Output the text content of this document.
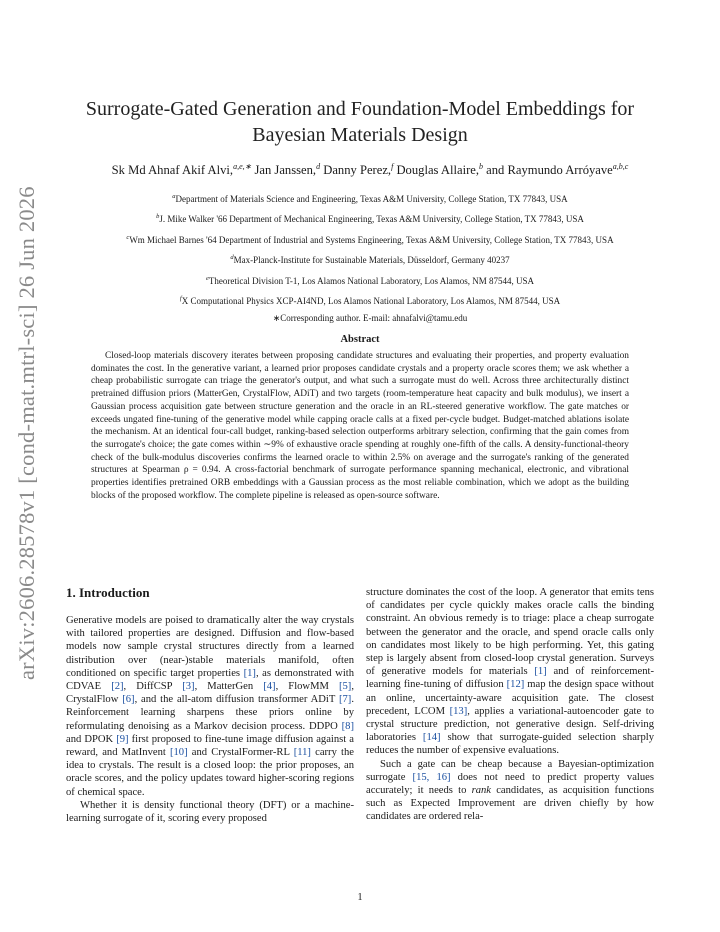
arXiv:2606.28578v1 [cond-mat.mtrl-sci] 26 Jun 2026
Surrogate-Gated Generation and Foundation-Model Embeddings for
Bayesian Materials Design
Sk Md Ahnaf Akif Alvi,$^{a,e,∗}$ Jan Janssen,$^d$ Danny Perez,$^f$ Douglas Allaire,$^b$ and Raymundo Arróyave$^{a,b,c}$
$^a$Department of Materials Science and Engineering, Texas A&M University, College Station, TX 77843, USA
$^b$J. Mike Walker '66 Department of Mechanical Engineering, Texas A&M University, College Station, TX 77843, USA
$^c$Wm Michael Barnes '64 Department of Industrial and Systems Engineering, Texas A&M University, College Station, TX 77843, USA
$^d$Max-Planck-Institute for Sustainable Materials, Düsseldorf, Germany 40237
$^e$Theoretical Division T-1, Los Alamos National Laboratory, Los Alamos, NM 87544, USA
$^f$X Computational Physics XCP-AI4ND, Los Alamos National Laboratory, Los Alamos, NM 87544, USA
∗Corresponding author. E-mail: ahnafalvi@tamu.edu
Abstract
Closed-loop materials discovery iterates between proposing candidate structures and evaluating their properties, and property evaluation dominates the cost. In the generative variant, a learned prior proposes candidate crystals and a property oracle scores them; we ask whether a cheap probabilistic surrogate can triage the generator's output, and what such a surrogate must do well. Across three architecturally distinct pretrained diffusion priors (MatterGen, CrystalFlow, ADiT) and two targets (room-temperature heat capacity and bulk modulus), we insert a Gaussian process acquisition gate between structure generation and the oracle in an RL-steered generative workflow. The gate matches or exceeds ungated fine-tuning of the generative model while capping oracle calls at a fixed per-cycle budget. Budget-matched ablations isolate the mechanism. At an identical four-call budget, ranking-based selection outperforms arbitrary selection, confirming that the gain comes from the surrogate's choice; the gate comes within ∼9% of exhaustive oracle spending at roughly one-fifth of the calls. A density-functional-theory check of the bulk-modulus discoveries confirms the learned oracle to within 2.5% on average and the surrogate's ranking of the generated structures at Spearman ρ = 0.94. A cross-factorial benchmark of surrogate performance spanning mechanical, electronic, and vibrational properties identifies pretrained ORB embeddings with a Gaussian process as the most reliable combination, which we adopt as the building blocks of the proposed workflow. The complete pipeline is released as open-source software.
1. Introduction

Generative models are poised to dramatically alter the way crystals with tailored properties are designed. Diffusion and flow-based models now sample crystal structures directly from a learned distribution over (near-)stable materials manifold, often conditioned on specific target properties [1], as demonstrated with CDVAE [2], DiffCSP [3], MatterGen [4], FlowMM [5], CrystalFlow [6], and the all-atom diffusion transformer ADiT [7]. Reinforcement learning sharpens these priors online by reformulating denoising as a Markov decision process. DDPO [8] and DPOK [9] first proposed to fine-tune image diffusion against a reward, and MatInvent [10] and CrystalFormer-RL [11] carry the idea to crystals. The result is a closed loop: the prior proposes, an oracle scores, and the policy updates toward higher-scoring regions of chemical space.

Whether it is density functional theory (DFT) or a machine-learning surrogate of it, scoring every proposed

structure dominates the cost of the loop. A generator that emits tens of candidates per cycle quickly makes oracle calls the binding constraint. An obvious remedy is to triage: place a cheap surrogate between the generator and the oracle, and spend oracle calls only on candidates most likely to be high performing. Yet, this gating step is largely absent from closed-loop crystal generation. Surveys of generative models for materials [1] and of reinforcement-learning fine-tuning of diffusion [12] map the design space without an online, uncertainty-aware acquisition gate. The closest precedent, LCOM [13], applies a variational-autoencoder gate to crystal structure prediction, not generative design. Self-driving laboratories [14] show that surrogate-guided selection sharply reduces the number of expensive evaluations.

Such a gate can be cheap because a Bayesian-optimization surrogate [15, 16] does not need to predict property values accurately; it needs to rank candidates, as acquisition functions such as Expected Improvement are driven chiefly by how candidates are ordered rela-

1
